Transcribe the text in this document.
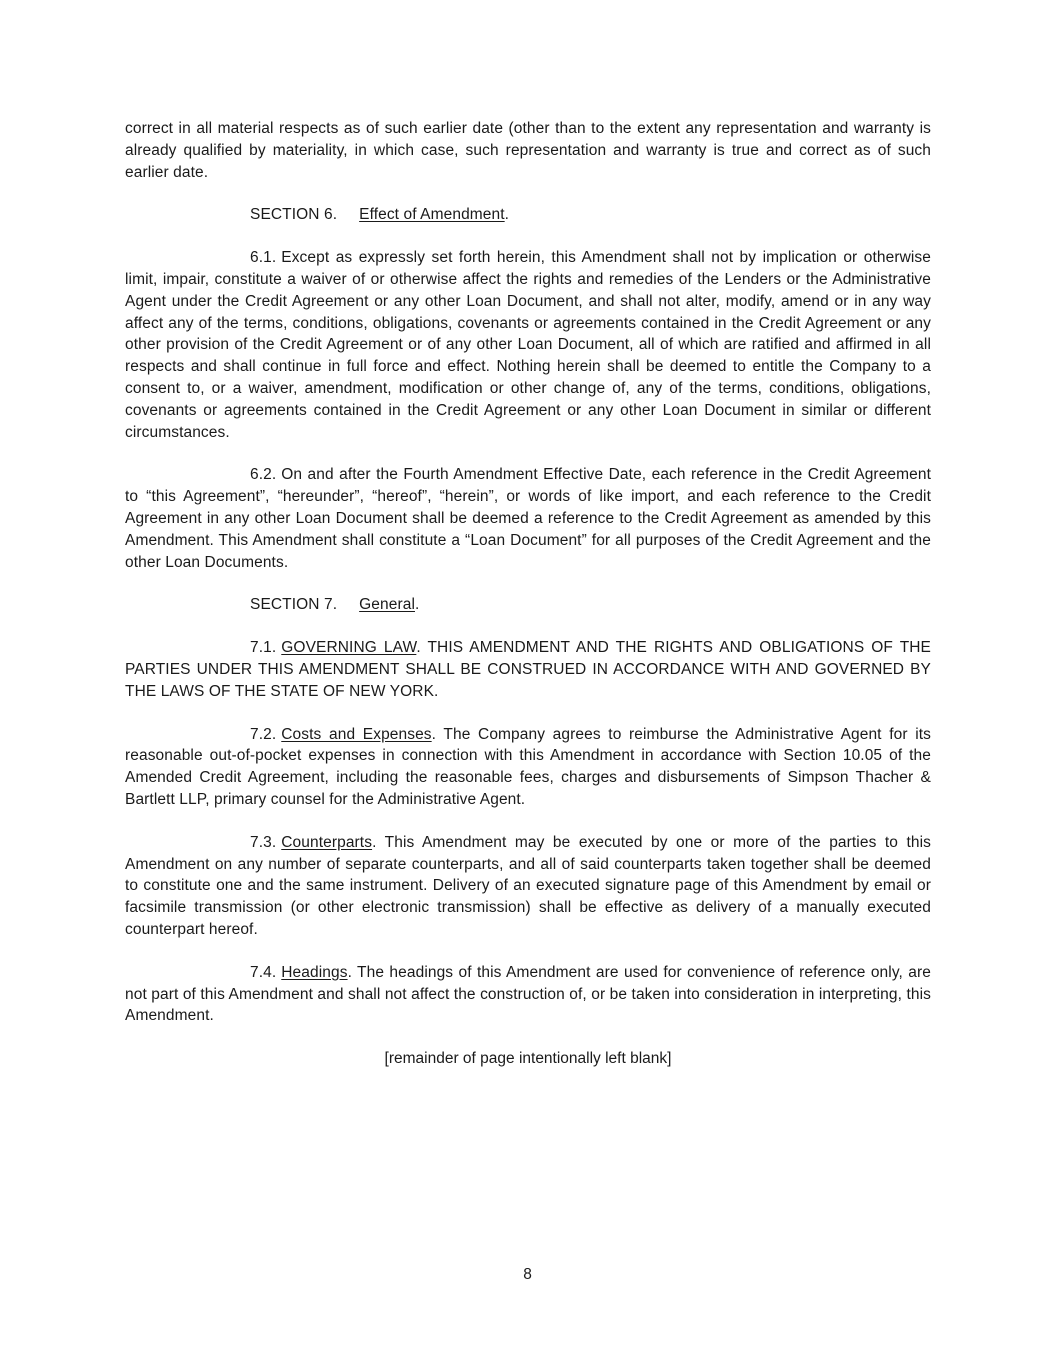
correct in all material respects as of such earlier date (other than to the extent any representation and warranty is already qualified by materiality, in which case, such representation and warranty is true and correct as of such earlier date.

SECTION 6. Effect of Amendment.

6.1. Except as expressly set forth herein, this Amendment shall not by implication or otherwise limit, impair, constitute a waiver of or otherwise affect the rights and remedies of the Lenders or the Administrative Agent under the Credit Agreement or any other Loan Document, and shall not alter, modify, amend or in any way affect any of the terms, conditions, obligations, covenants or agreements contained in the Credit Agreement or any other provision of the Credit Agreement or of any other Loan Document, all of which are ratified and affirmed in all respects and shall continue in full force and effect. Nothing herein shall be deemed to entitle the Company to a consent to, or a waiver, amendment, modification or other change of, any of the terms, conditions, obligations, covenants or agreements contained in the Credit Agreement or any other Loan Document in similar or different circumstances.

6.2. On and after the Fourth Amendment Effective Date, each reference in the Credit Agreement to “this Agreement”, “hereunder”, “hereof”, “herein”, or words of like import, and each reference to the Credit Agreement in any other Loan Document shall be deemed a reference to the Credit Agreement as amended by this Amendment. This Amendment shall constitute a “Loan Document” for all purposes of the Credit Agreement and the other Loan Documents.

SECTION 7. General.

7.1. GOVERNING LAW. THIS AMENDMENT AND THE RIGHTS AND OBLIGATIONS OF THE PARTIES UNDER THIS AMENDMENT SHALL BE CONSTRUED IN ACCORDANCE WITH AND GOVERNED BY THE LAWS OF THE STATE OF NEW YORK.

7.2. Costs and Expenses. The Company agrees to reimburse the Administrative Agent for its reasonable out-of-pocket expenses in connection with this Amendment in accordance with Section 10.05 of the Amended Credit Agreement, including the reasonable fees, charges and disbursements of Simpson Thacher & Bartlett LLP, primary counsel for the Administrative Agent.

7.3. Counterparts. This Amendment may be executed by one or more of the parties to this Amendment on any number of separate counterparts, and all of said counterparts taken together shall be deemed to constitute one and the same instrument. Delivery of an executed signature page of this Amendment by email or facsimile transmission (or other electronic transmission) shall be effective as delivery of a manually executed counterpart hereof.

7.4. Headings. The headings of this Amendment are used for convenience of reference only, are not part of this Amendment and shall not affect the construction of, or be taken into consideration in interpreting, this Amendment.

[remainder of page intentionally left blank]

8
